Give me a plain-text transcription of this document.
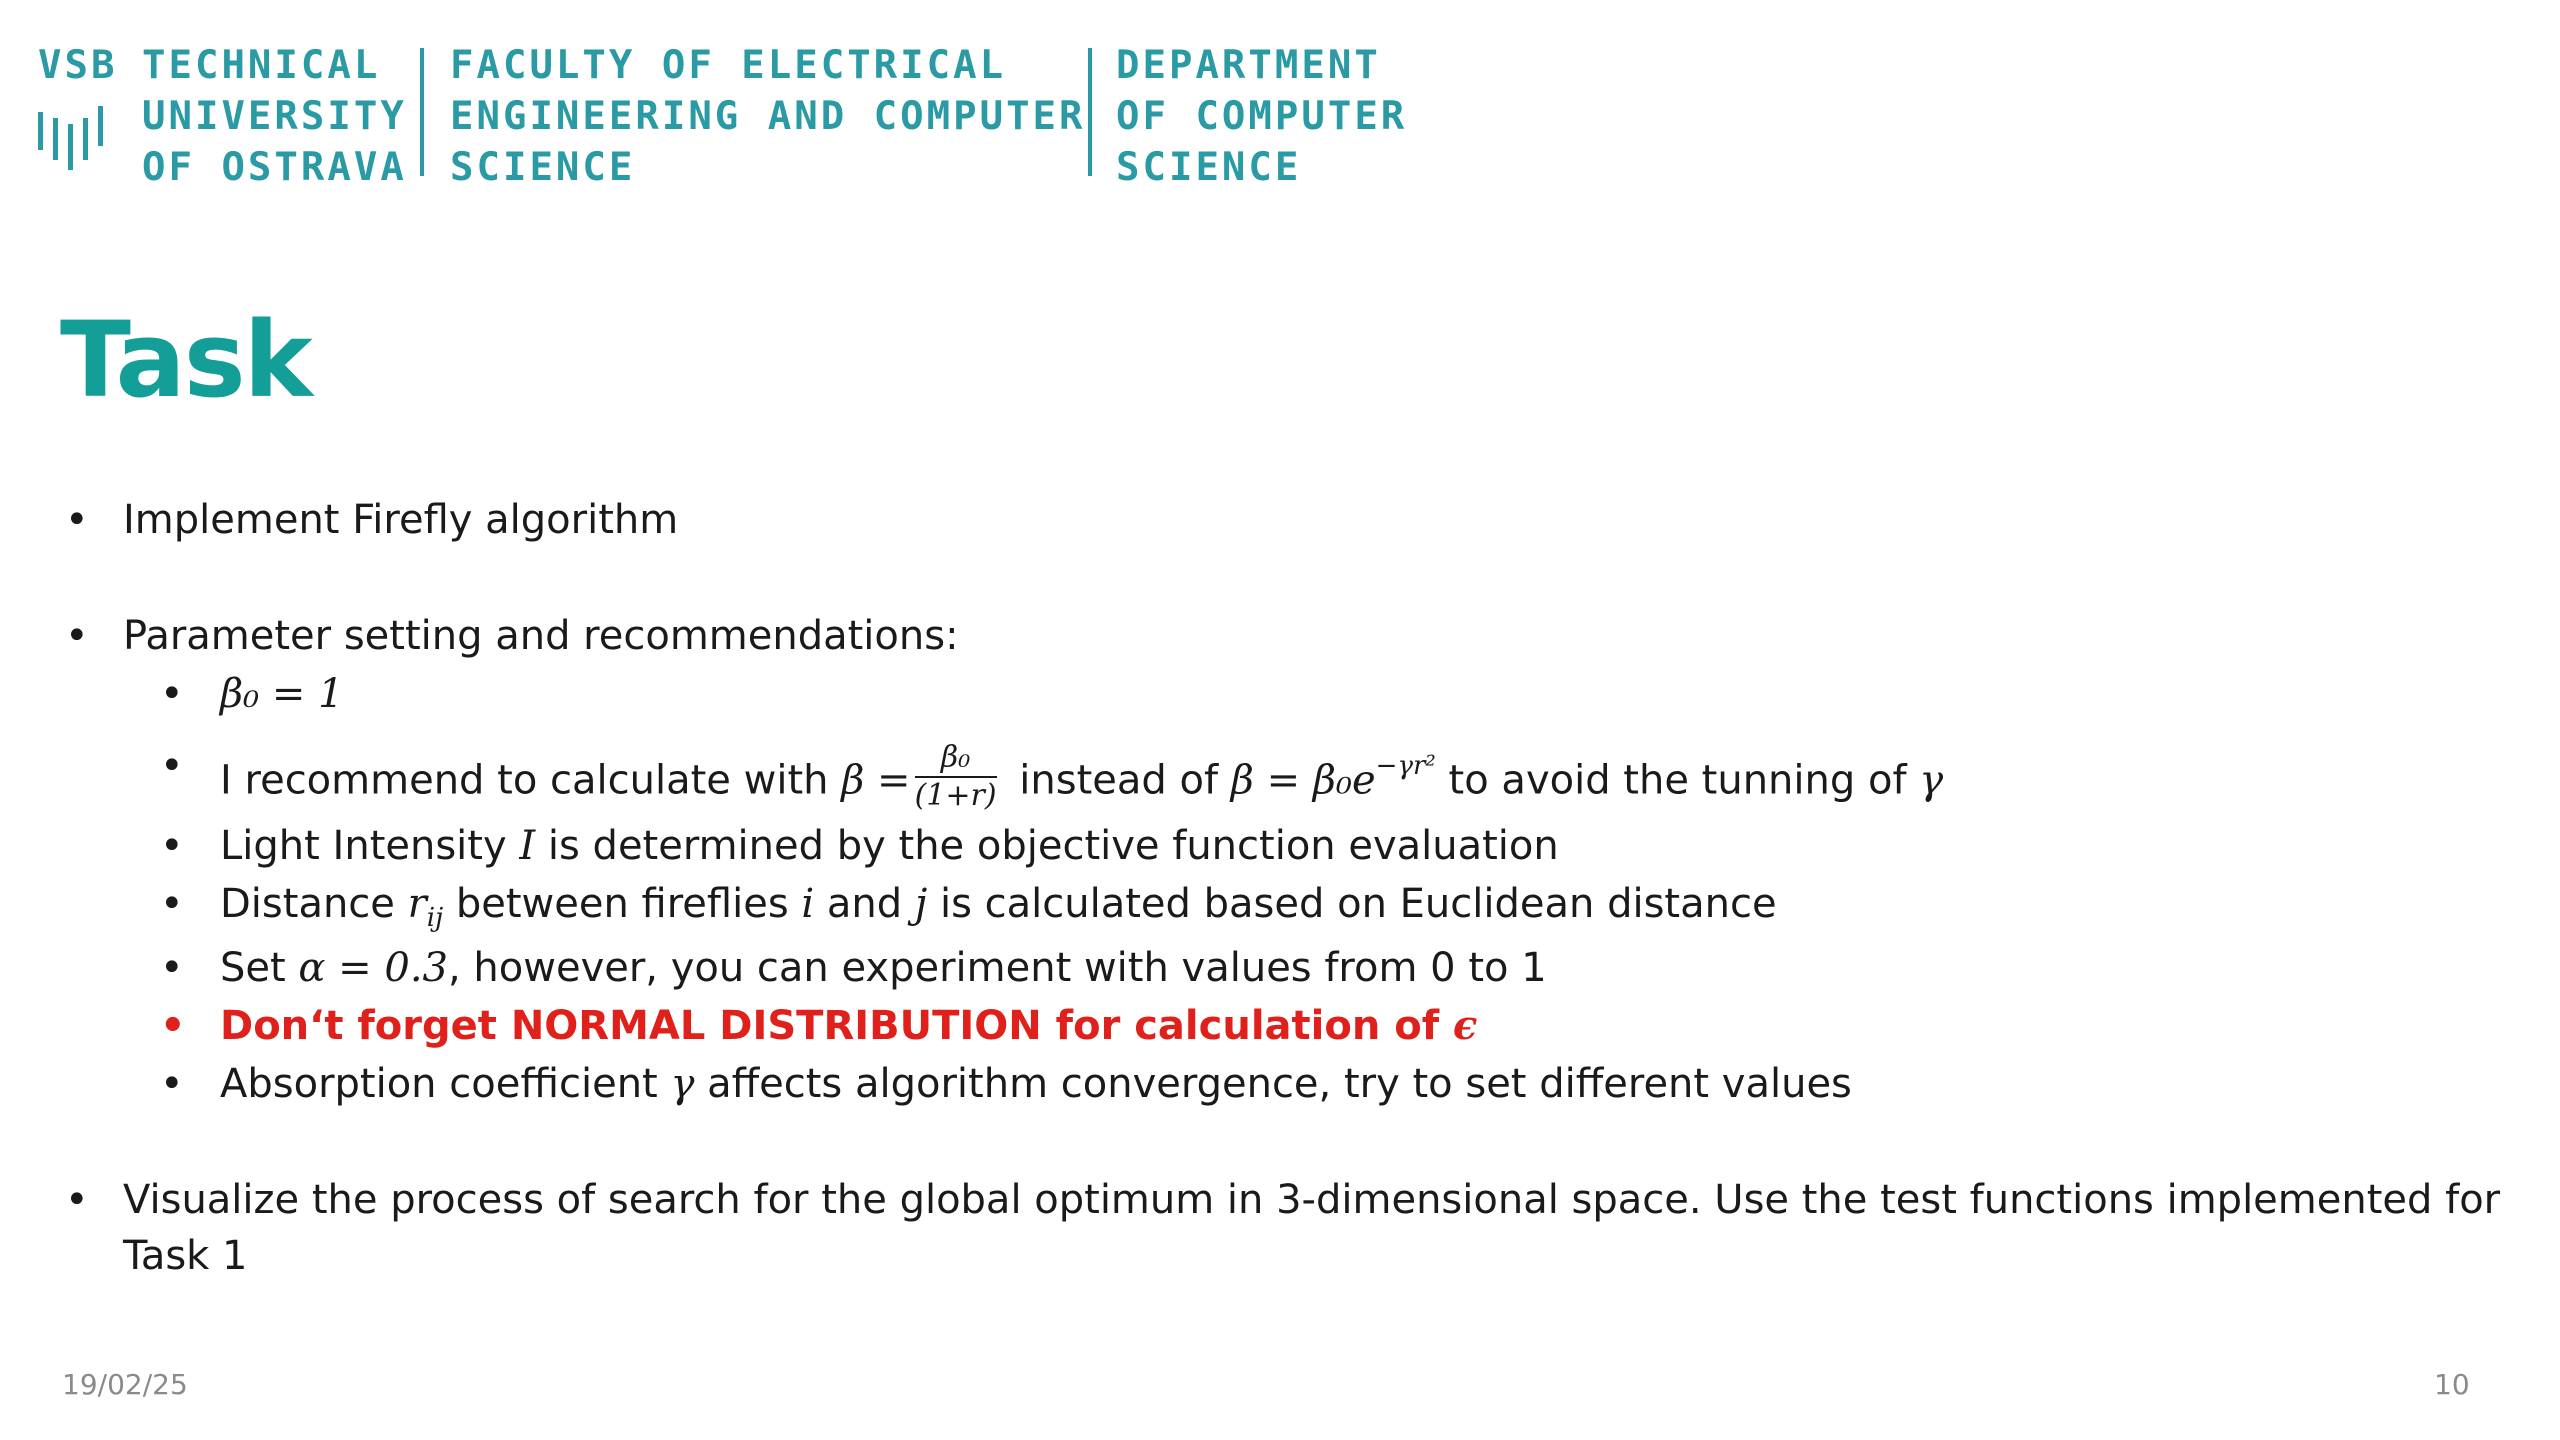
VSB TECHNICAL
UNIVERSITY
OF OSTRAVA
FACULTY OF ELECTRICAL
ENGINEERING AND COMPUTER
SCIENCE
DEPARTMENT
OF COMPUTER
SCIENCE
Task
• Implement Firefly algorithm
• Parameter setting and recommendations:
• β₀ = 1
• I recommend to calculate with $\beta = \frac{\text{β₀}}{(1+r)}$ instead of $\beta = \beta_0e^{-\gamma r^2}$ to avoid the tunning of γ
• Light Intensity I is determined by the objective function evaluation
• Distance $r_{ij}$ between fireflies i and j is calculated based on Euclidean distance
• Set α = 0.3, however, you can experiment with values from 0 to 1
• Don‘t forget NORMAL DISTRIBUTION for calculation of ϵ
• Absorption coefficient γ affects algorithm convergence, try to set different values
• Visualize the process of search for the global optimum in 3-dimensional space. Use the test functions implemented for
Task 1
19/02/25	10
